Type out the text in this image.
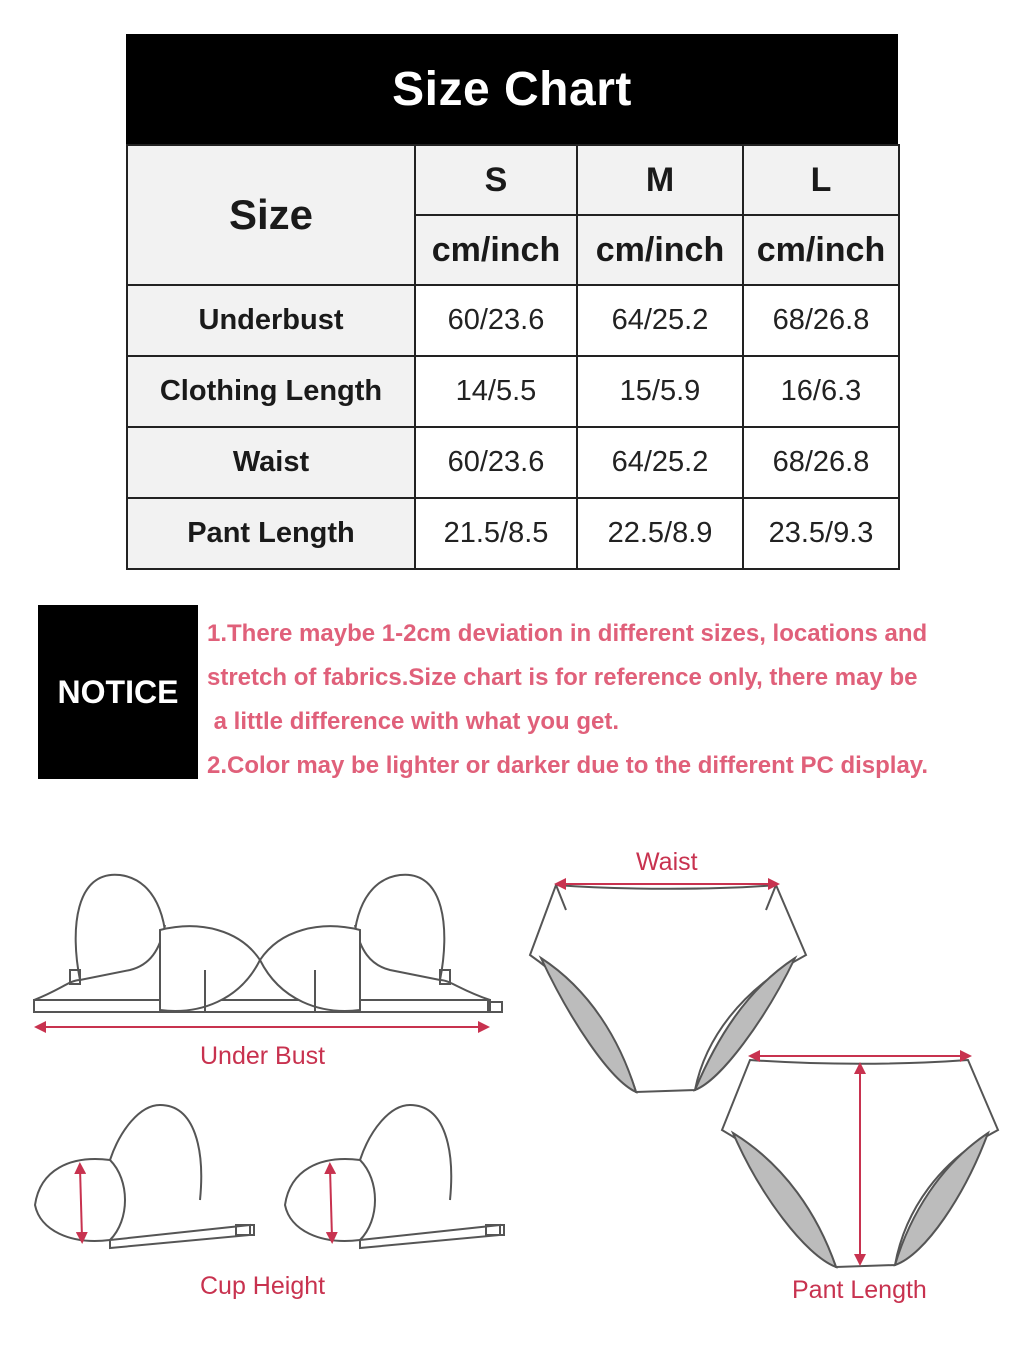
Size Chart
Size	S	M	L
	cm/inch	cm/inch	cm/inch
Underbust	60/23.6	64/25.2	68/26.8
Clothing Length	14/5.5	15/5.9	16/6.3
Waist	60/23.6	64/25.2	68/26.8
Pant Length	21.5/8.5	22.5/8.9	23.5/9.3
NOTICE
1.There maybe 1-2cm deviation in different sizes, locations and
stretch of fabrics.Size chart is for reference only, there may be
a little difference with what you get.
2.Color may be lighter or darker due to the different PC display.
Under Bust
Cup Height
Waist
Pant Length
